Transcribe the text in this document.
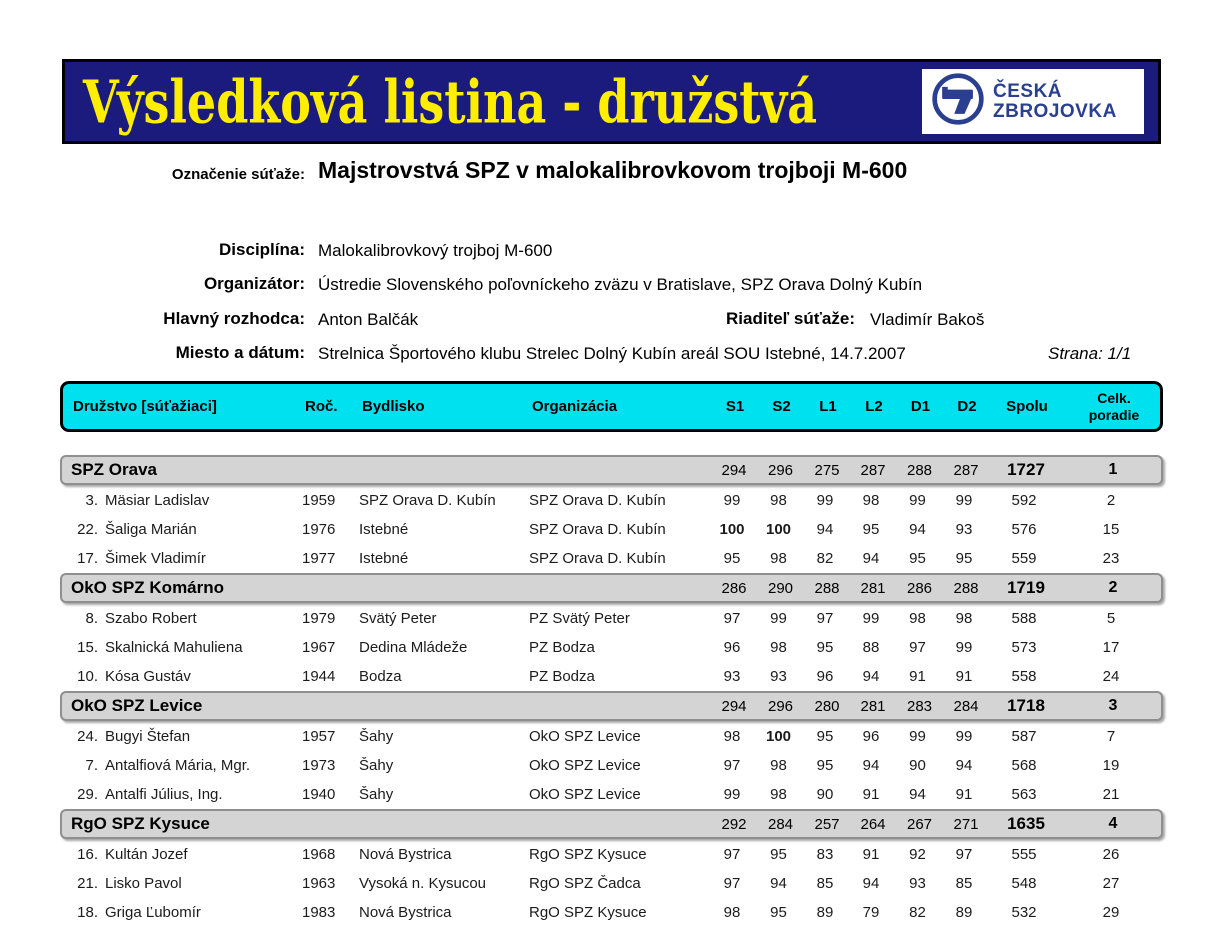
Výsledková listina - družstvá	ČESKÁ
ZBROJOVKA
Označenie súťaže: Majstrovstvá SPZ v malokalibrovkovom trojboji M-600
Disciplína: Malokalibrovkový trojboj M-600
Organizátor: Ústredie Slovenského poľovníckeho zväzu v Bratislave, SPZ Orava Dolný Kubín
Hlavný rozhodca: Anton Balčák	Riaditeľ súťaže: Vladimír Bakoš
Miesto a dátum: Strelnica Športového klubu Strelec Dolný Kubín areál SOU Istebné, 14.7.2007	Strana: 1/1
Družstvo [súťažiaci]	Roč.	Bydlisko	Organizácia	S1	S2	L1	L2	D1	D2	Spolu	Celk.
poradie
SPZ Orava	294	296	275	287	288	287	1727	1
3. Mäsiar Ladislav	1959	SPZ Orava D. Kubín	SPZ Orava D. Kubín	99	98	99	98	99	99	592	2
22. Šaliga Marián	1976	Istebné	SPZ Orava D. Kubín	100	100	94	95	94	93	576	15
17. Šimek Vladimír	1977	Istebné	SPZ Orava D. Kubín	95	98	82	94	95	95	559	23
OkO SPZ Komárno	286	290	288	281	286	288	1719	2
8. Szabo Robert	1979	Svätý Peter	PZ Svätý Peter	97	99	97	99	98	98	588	5
15. Skalnická Mahuliena	1967	Dedina Mládeže	PZ Bodza	96	98	95	88	97	99	573	17
10. Kósa Gustáv	1944	Bodza	PZ Bodza	93	93	96	94	91	91	558	24
OkO SPZ Levice	294	296	280	281	283	284	1718	3
24. Bugyi Štefan	1957	Šahy	OkO SPZ Levice	98	100	95	96	99	99	587	7
7. Antalfiová Mária, Mgr.	1973	Šahy	OkO SPZ Levice	97	98	95	94	90	94	568	19
29. Antalfi Július, Ing.	1940	Šahy	OkO SPZ Levice	99	98	90	91	94	91	563	21
RgO SPZ Kysuce	292	284	257	264	267	271	1635	4
16. Kultán Jozef	1968	Nová Bystrica	RgO SPZ Kysuce	97	95	83	91	92	97	555	26
21. Lisko Pavol	1963	Vysoká n. Kysucou	RgO SPZ Čadca	97	94	85	94	93	85	548	27
18. Griga Ľubomír	1983	Nová Bystrica	RgO SPZ Kysuce	98	95	89	79	82	89	532	29
